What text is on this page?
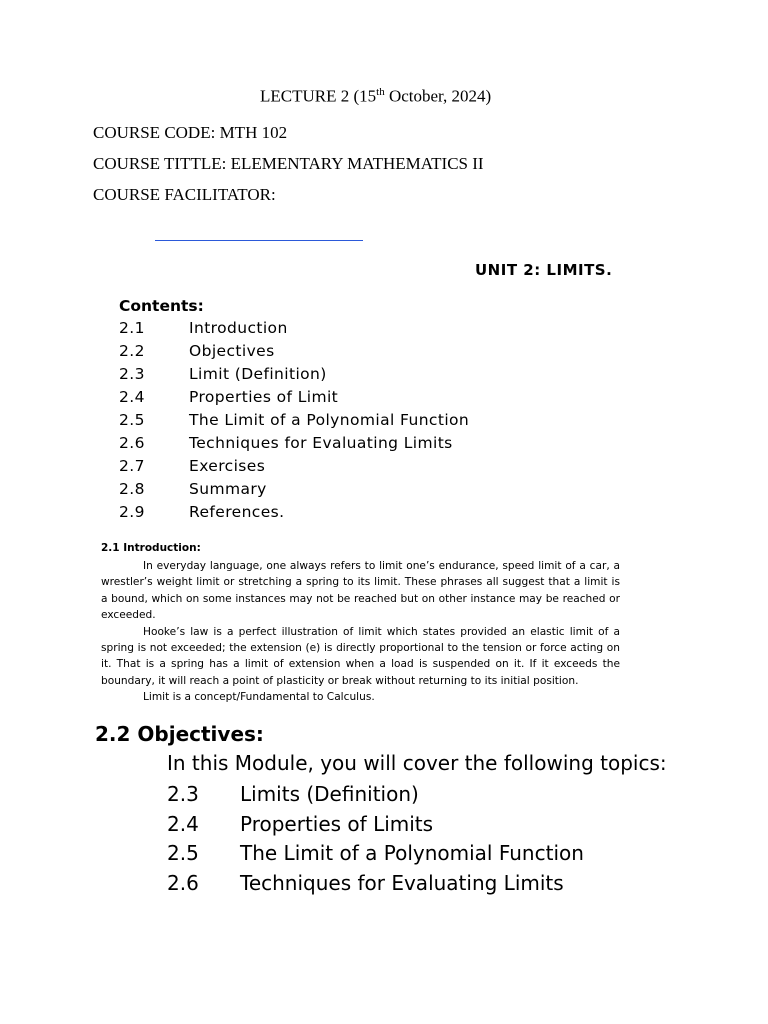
LECTURE 2 (15th October, 2024)
COURSE CODE: MTH 102
COURSE TITTLE: ELEMENTARY MATHEMATICS II
COURSE FACILITATOR:
UNIT 2: LIMITS.
Contents:
2.1	Introduction
2.2	Objectives
2.3	Limit (Definition)
2.4	Properties of Limit
2.5	The Limit of a Polynomial Function
2.6	Techniques for Evaluating Limits
2.7	Exercises
2.8	Summary
2.9	References.
2.1 Introduction:

In everyday language, one always refers to limit one’s endurance, speed limit of a car, a wrestler’s weight limit or stretching a spring to its limit. These phrases all suggest that a limit is a bound, which on some instances may not be reached but on other instance may be reached or exceeded.

Hooke’s law is a perfect illustration of limit which states provided an elastic limit of a spring is not exceeded; the extension (e) is directly proportional to the tension or force acting on it. That is a spring has a limit of extension when a load is suspended on it. If it exceeds the boundary, it will reach a point of plasticity or break without returning to its initial position.

Limit is a concept/Fundamental to Calculus.

2.2 Objectives:
In this Module, you will cover the following topics:
2.3 Limits (Definition)
2.4 Properties of Limits
2.5 The Limit of a Polynomial Function
2.6 Techniques for Evaluating Limits
